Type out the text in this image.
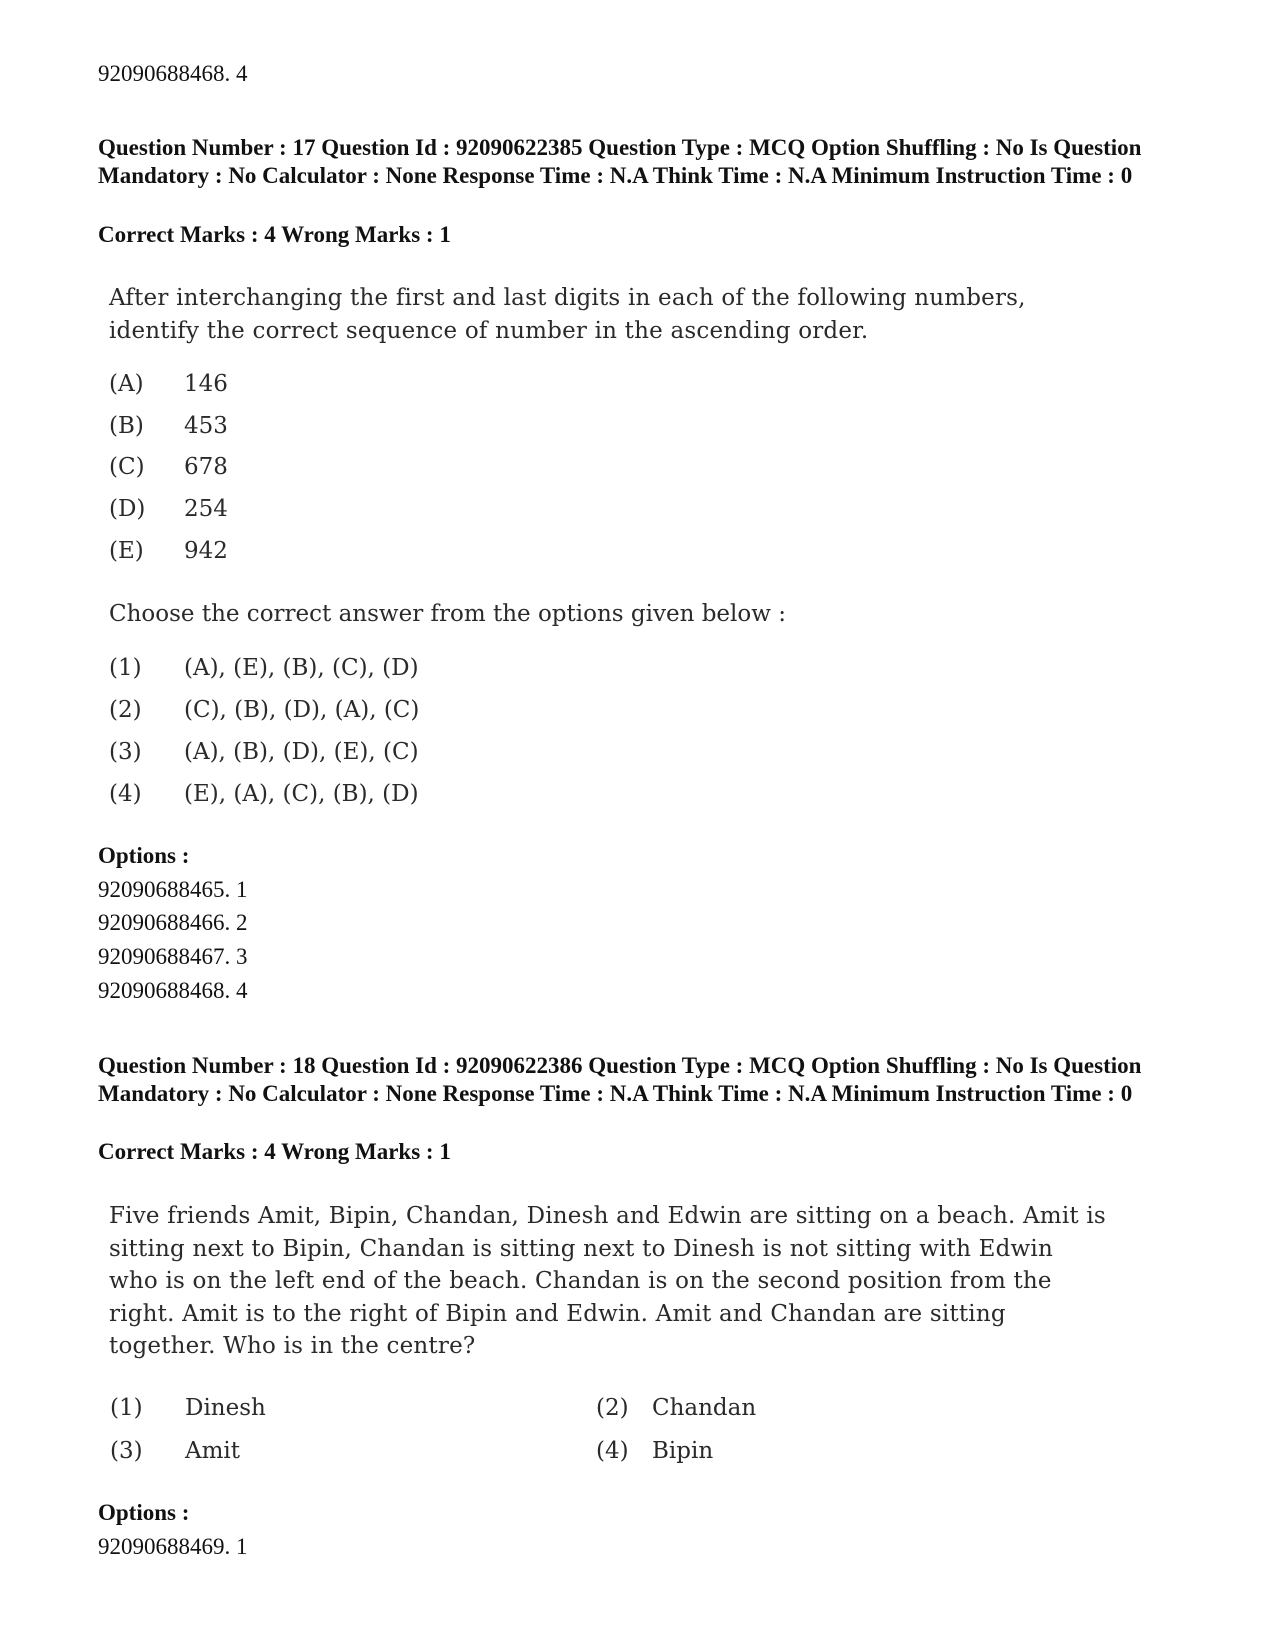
92090688468. 4
Question Number : 17 Question Id : 92090622385 Question Type : MCQ Option Shuffling : No Is Question Mandatory : No Calculator : None Response Time : N.A Think Time : N.A Minimum Instruction Time : 0
Correct Marks : 4 Wrong Marks : 1
After interchanging the first and last digits in each of the following numbers, identify the correct sequence of number in the ascending order.
(A) 146
(B) 453
(C) 678
(D) 254
(E) 942
Choose the correct answer from the options given below :
(1) (A), (E), (B), (C), (D)
(2) (C), (B), (D), (A), (C)
(3) (A), (B), (D), (E), (C)
(4) (E), (A), (C), (B), (D)
Options :
92090688465. 1
92090688466. 2
92090688467. 3
92090688468. 4
Question Number : 18 Question Id : 92090622386 Question Type : MCQ Option Shuffling : No Is Question Mandatory : No Calculator : None Response Time : N.A Think Time : N.A Minimum Instruction Time : 0
Correct Marks : 4 Wrong Marks : 1
Five friends Amit, Bipin, Chandan, Dinesh and Edwin are sitting on a beach. Amit is sitting next to Bipin, Chandan is sitting next to Dinesh is not sitting with Edwin who is on the left end of the beach. Chandan is on the second position from the right. Amit is to the right of Bipin and Edwin. Amit and Chandan are sitting together. Who is in the centre?
(1) Dinesh	(2) Chandan
(3) Amit	(4) Bipin
Options :
92090688469. 1
